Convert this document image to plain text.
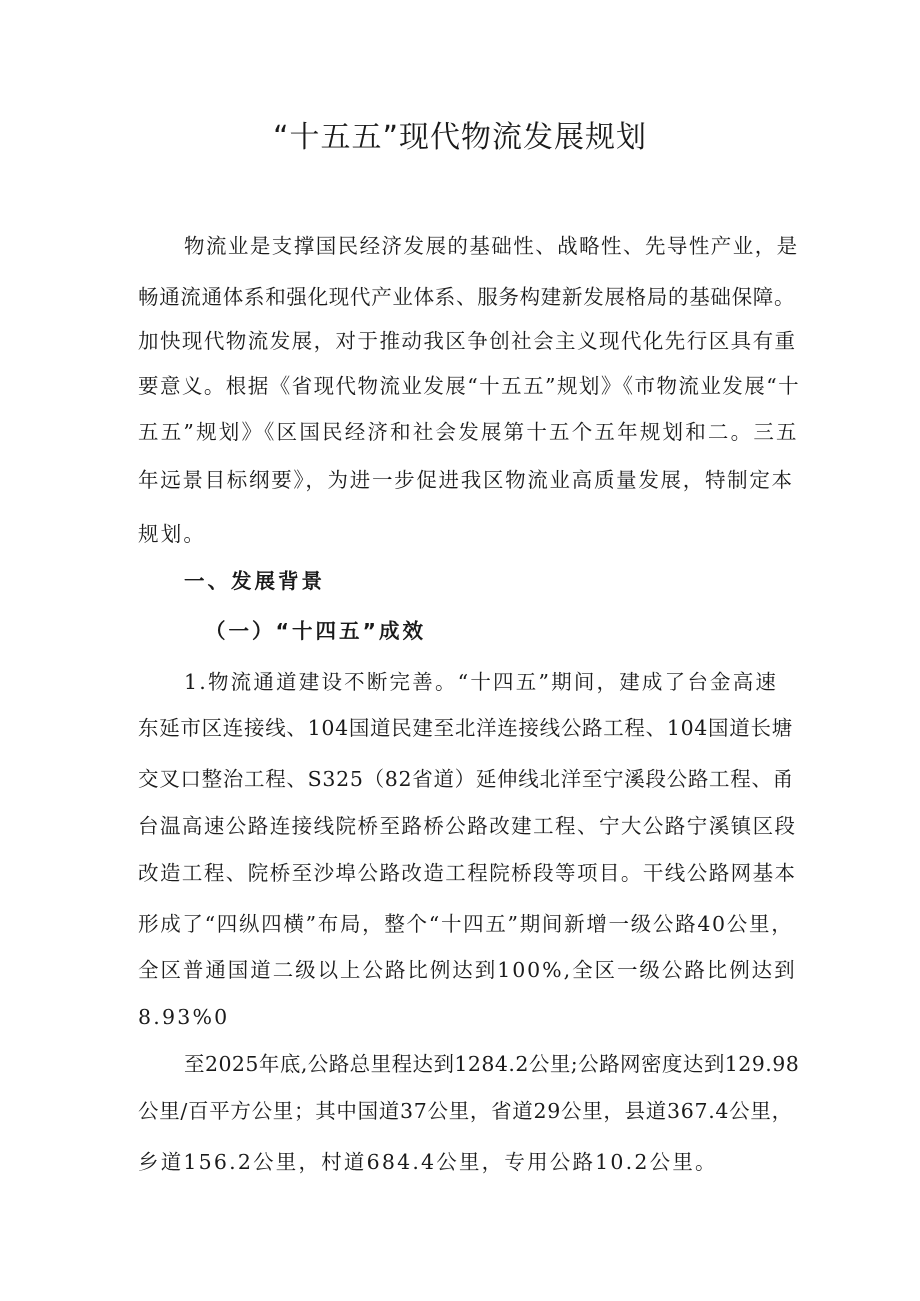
“十五五”现代物流发展规划

物流业是支撑国民经济发展的基础性、战略性、先导性产业，是

畅通流通体系和强化现代产业体系、服务构建新发展格局的基础保障。

加快现代物流发展，对于推动我区争创社会主义现代化先行区具有重

要意义。根据《省现代物流业发展“十五五”规划》《市物流业发展“十

五五”规划》《区国民经济和社会发展第十五个五年规划和二。三五

年远景目标纲要》，为进一步促进我区物流业高质量发展，特制定本

规划。

一、发展背景

（一）“十四五”成效

1.物流通道建设不断完善。“十四五”期间，建成了台金高速

东延市区连接线、104国道民建至北洋连接线公路工程、104国道长塘

交叉口整治工程、S325（82省道）延伸线北洋至宁溪段公路工程、甬

台温高速公路连接线院桥至路桥公路改建工程、宁大公路宁溪镇区段

改造工程、院桥至沙埠公路改造工程院桥段等项目。干线公路网基本

形成了“四纵四横”布局，整个“十四五”期间新增一级公路40公里，

全区普通国道二级以上公路比例达到100%,全区一级公路比例达到

8.93%0

至2025年底,公路总里程达到1284.2公里;公路网密度达到129.98

公里/百平方公里；其中国道37公里，省道29公里，县道367.4公里，

乡道156.2公里，村道684.4公里，专用公路10.2公里。
